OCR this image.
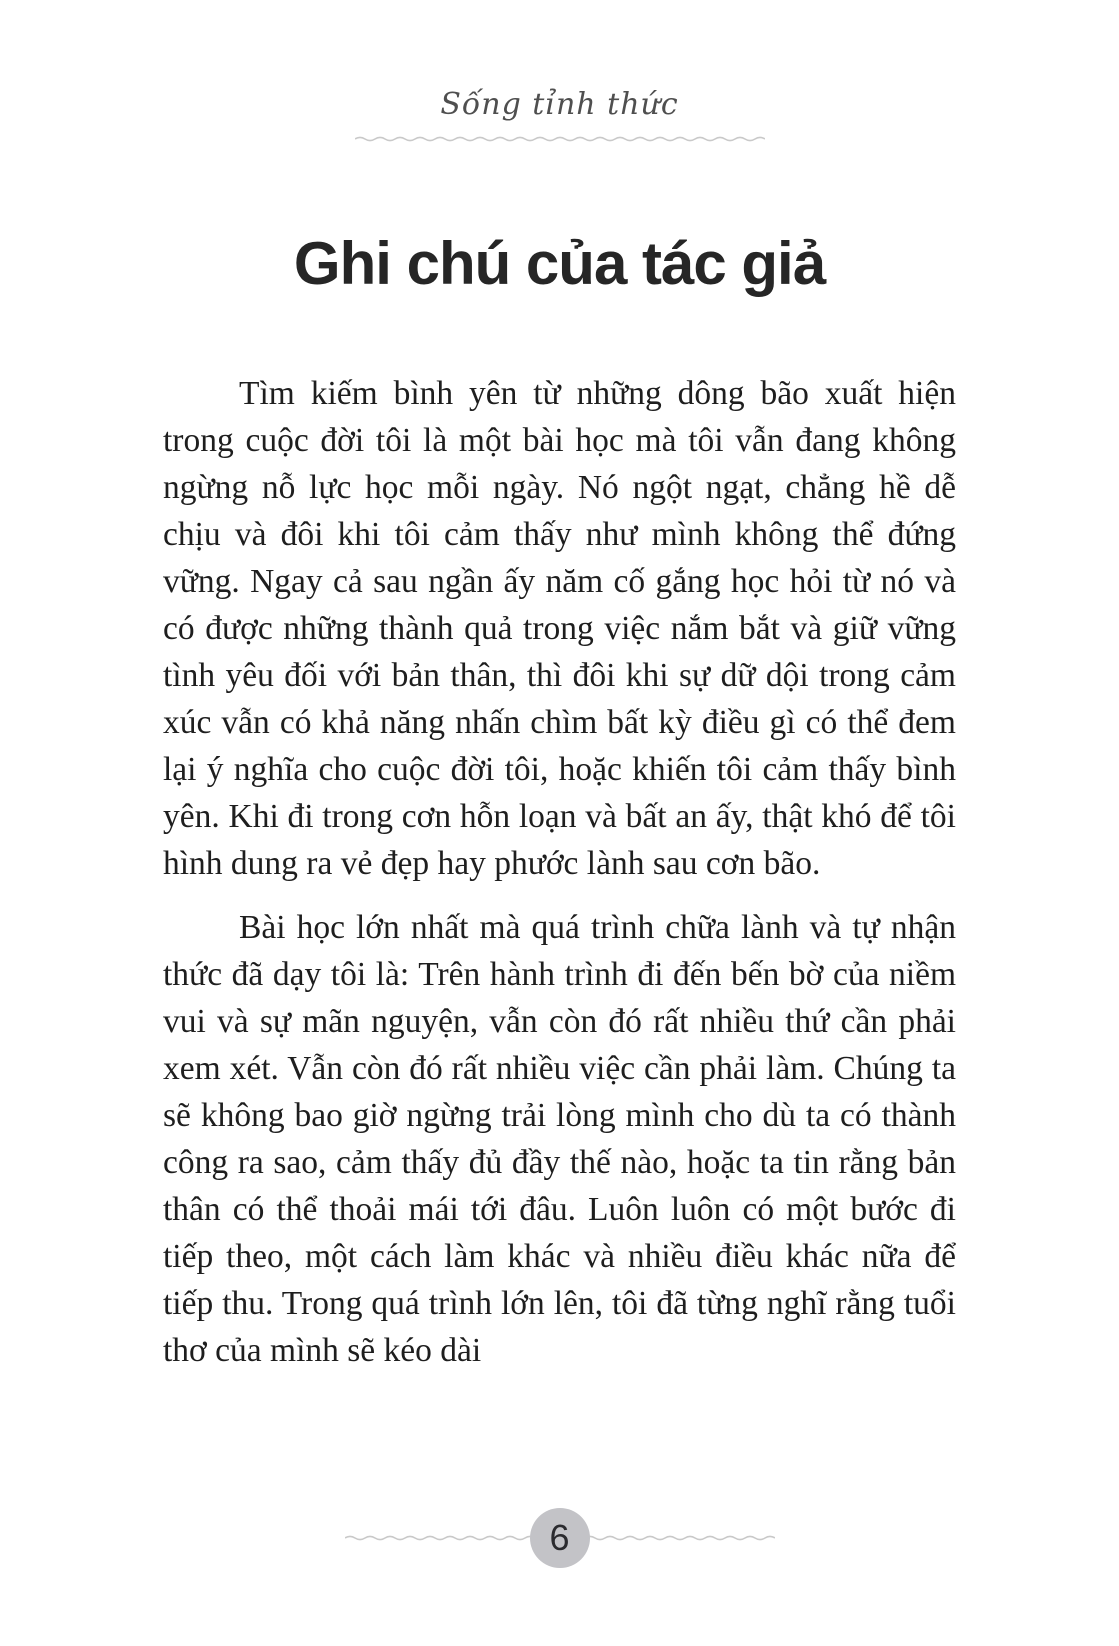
Sống tỉnh thức
Ghi chú của tác giả

Tìm kiếm bình yên từ những dông bão xuất hiện trong cuộc đời tôi là một bài học mà tôi vẫn đang không ngừng nỗ lực học mỗi ngày. Nó ngột ngạt, chẳng hề dễ chịu và đôi khi tôi cảm thấy như mình không thể đứng vững. Ngay cả sau ngần ấy năm cố gắng học hỏi từ nó và có được những thành quả trong việc nắm bắt và giữ vững tình yêu đối với bản thân, thì đôi khi sự dữ dội trong cảm xúc vẫn có khả năng nhấn chìm bất kỳ điều gì có thể đem lại ý nghĩa cho cuộc đời tôi, hoặc khiến tôi cảm thấy bình yên. Khi đi trong cơn hỗn loạn và bất an ấy, thật khó để tôi hình dung ra vẻ đẹp hay phước lành sau cơn bão.

Bài học lớn nhất mà quá trình chữa lành và tự nhận thức đã dạy tôi là: Trên hành trình đi đến bến bờ của niềm vui và sự mãn nguyện, vẫn còn đó rất nhiều thứ cần phải xem xét. Vẫn còn đó rất nhiều việc cần phải làm. Chúng ta sẽ không bao giờ ngừng trải lòng mình cho dù ta có thành công ra sao, cảm thấy đủ đầy thế nào, hoặc ta tin rằng bản thân có thể thoải mái tới đâu. Luôn luôn có một bước đi tiếp theo, một cách làm khác và nhiều điều khác nữa để tiếp thu. Trong quá trình lớn lên, tôi đã từng nghĩ rằng tuổi thơ của mình sẽ kéo dài

6
